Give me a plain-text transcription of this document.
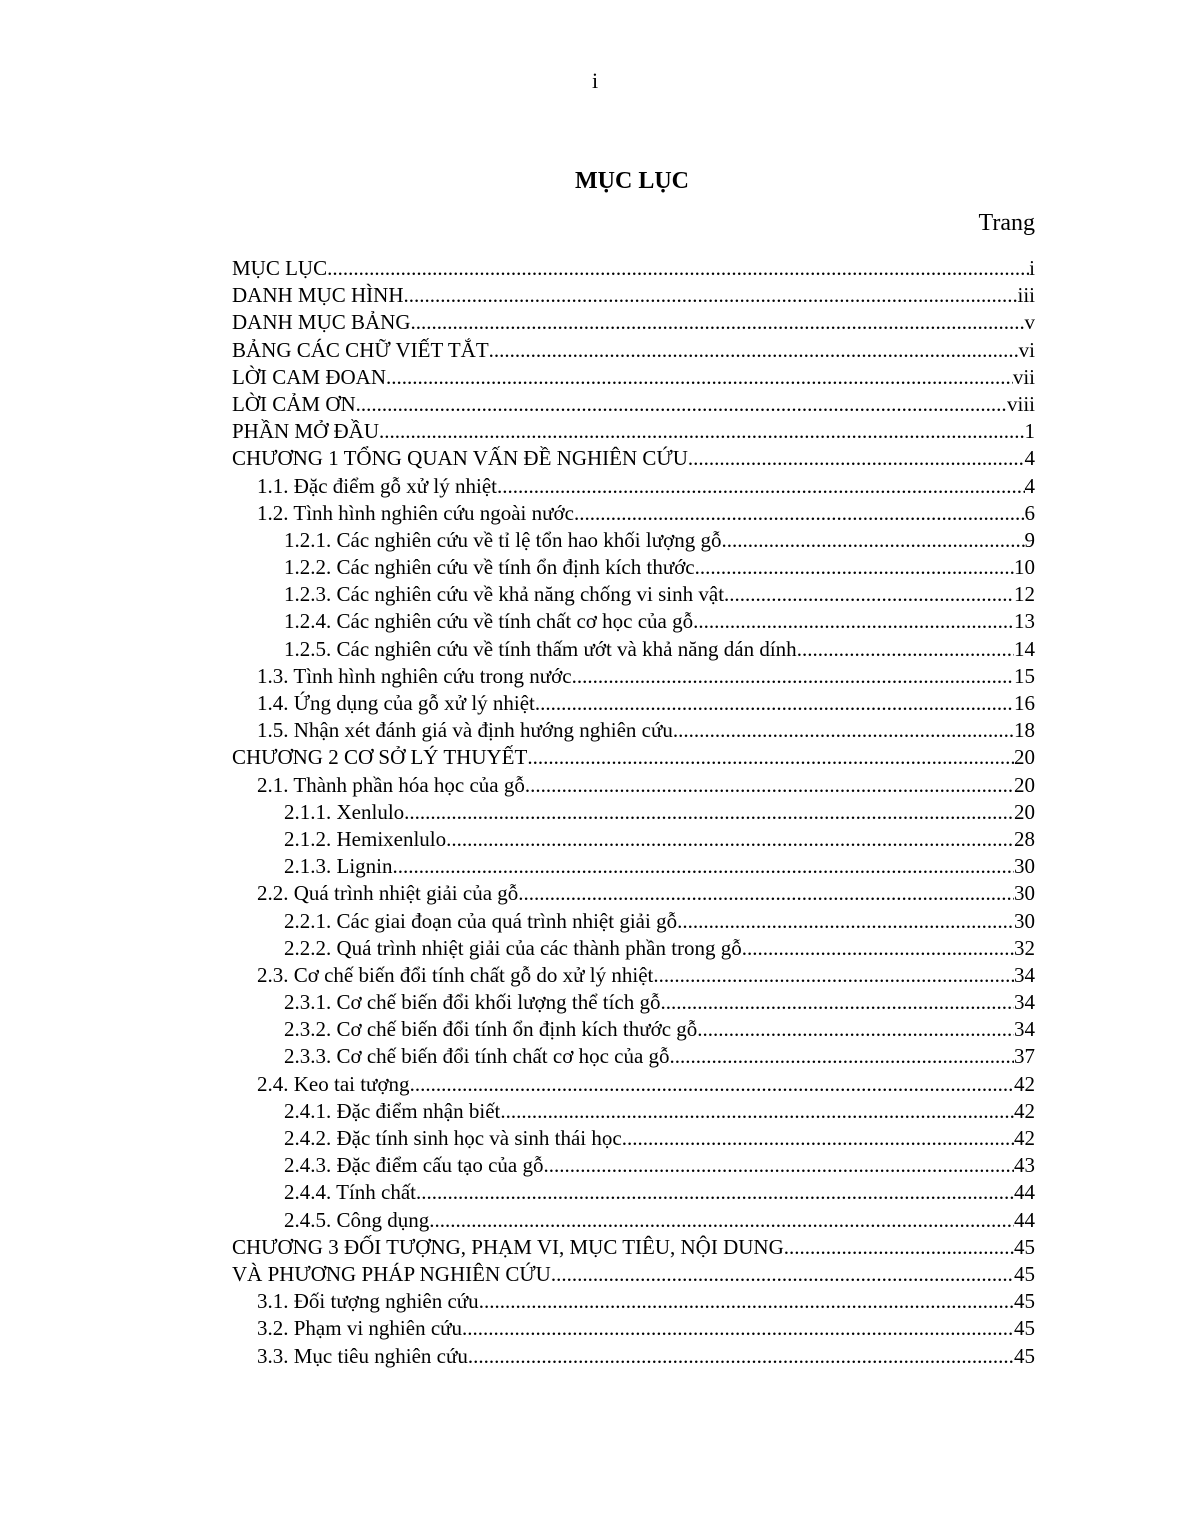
i
MỤC LỤC
Trang
MỤC LỤC .....	i
DANH MỤC HÌNH .....	iii
DANH MỤC BẢNG .....	v
BẢNG CÁC CHỮ VIẾT TẮT .....	vi
LỜI CAM ĐOAN .....	vii
LỜI CẢM ƠN .....	viii
PHẦN MỞ ĐẦU .....	1
CHƯƠNG 1 TỔNG QUAN VẤN ĐỀ NGHIÊN CỨU .....	4
1.1. Đặc điểm gỗ xử lý nhiệt .....	4
1.2. Tình hình nghiên cứu ngoài nước .....	6
1.2.1. Các nghiên cứu về tỉ lệ tổn hao khối lượng gỗ .....	9
1.2.2. Các nghiên cứu về tính ổn định kích thước .....	10
1.2.3. Các nghiên cứu về khả năng chống vi sinh vật .....	12
1.2.4. Các nghiên cứu về tính chất cơ học của gỗ .....	13
1.2.5. Các nghiên cứu về tính thấm ướt và khả năng dán dính .....	14
1.3. Tình hình nghiên cứu trong nước .....	15
1.4. Ứng dụng của gỗ xử lý nhiệt .....	16
1.5. Nhận xét đánh giá và định hướng nghiên cứu .....	18
CHƯƠNG 2 CƠ SỞ LÝ THUYẾT .....	20
2.1. Thành phần hóa học của gỗ .....	20
2.1.1. Xenlulo .....	20
2.1.2. Hemixenlulo .....	28
2.1.3. Lignin .....	30
2.2. Quá trình nhiệt giải của gỗ .....	30
2.2.1. Các giai đoạn của quá trình nhiệt giải gỗ .....	30
2.2.2. Quá trình nhiệt giải của các thành phần trong gỗ .....	32
2.3. Cơ chế biến đổi tính chất gỗ do xử lý nhiệt .....	34
2.3.1. Cơ chế biến đổi khối lượng thể tích gỗ .....	34
2.3.2. Cơ chế biến đổi tính ổn định kích thước gỗ .....	34
2.3.3. Cơ chế biến đổi tính chất cơ học của gỗ .....	37
2.4. Keo tai tượng .....	42
2.4.1. Đặc điểm nhận biết .....	42
2.4.2. Đặc tính sinh học và sinh thái học .....	42
2.4.3. Đặc điểm cấu tạo của gỗ .....	43
2.4.4. Tính chất .....	44
2.4.5. Công dụng .....	44
CHƯƠNG 3 ĐỐI TƯỢNG, PHẠM VI, MỤC TIÊU, NỘI DUNG .....	45
VÀ PHƯƠNG PHÁP NGHIÊN CỨU .....	45
3.1. Đối tượng nghiên cứu .....	45
3.2. Phạm vi nghiên cứu .....	45
3.3. Mục tiêu nghiên cứu .....	45
